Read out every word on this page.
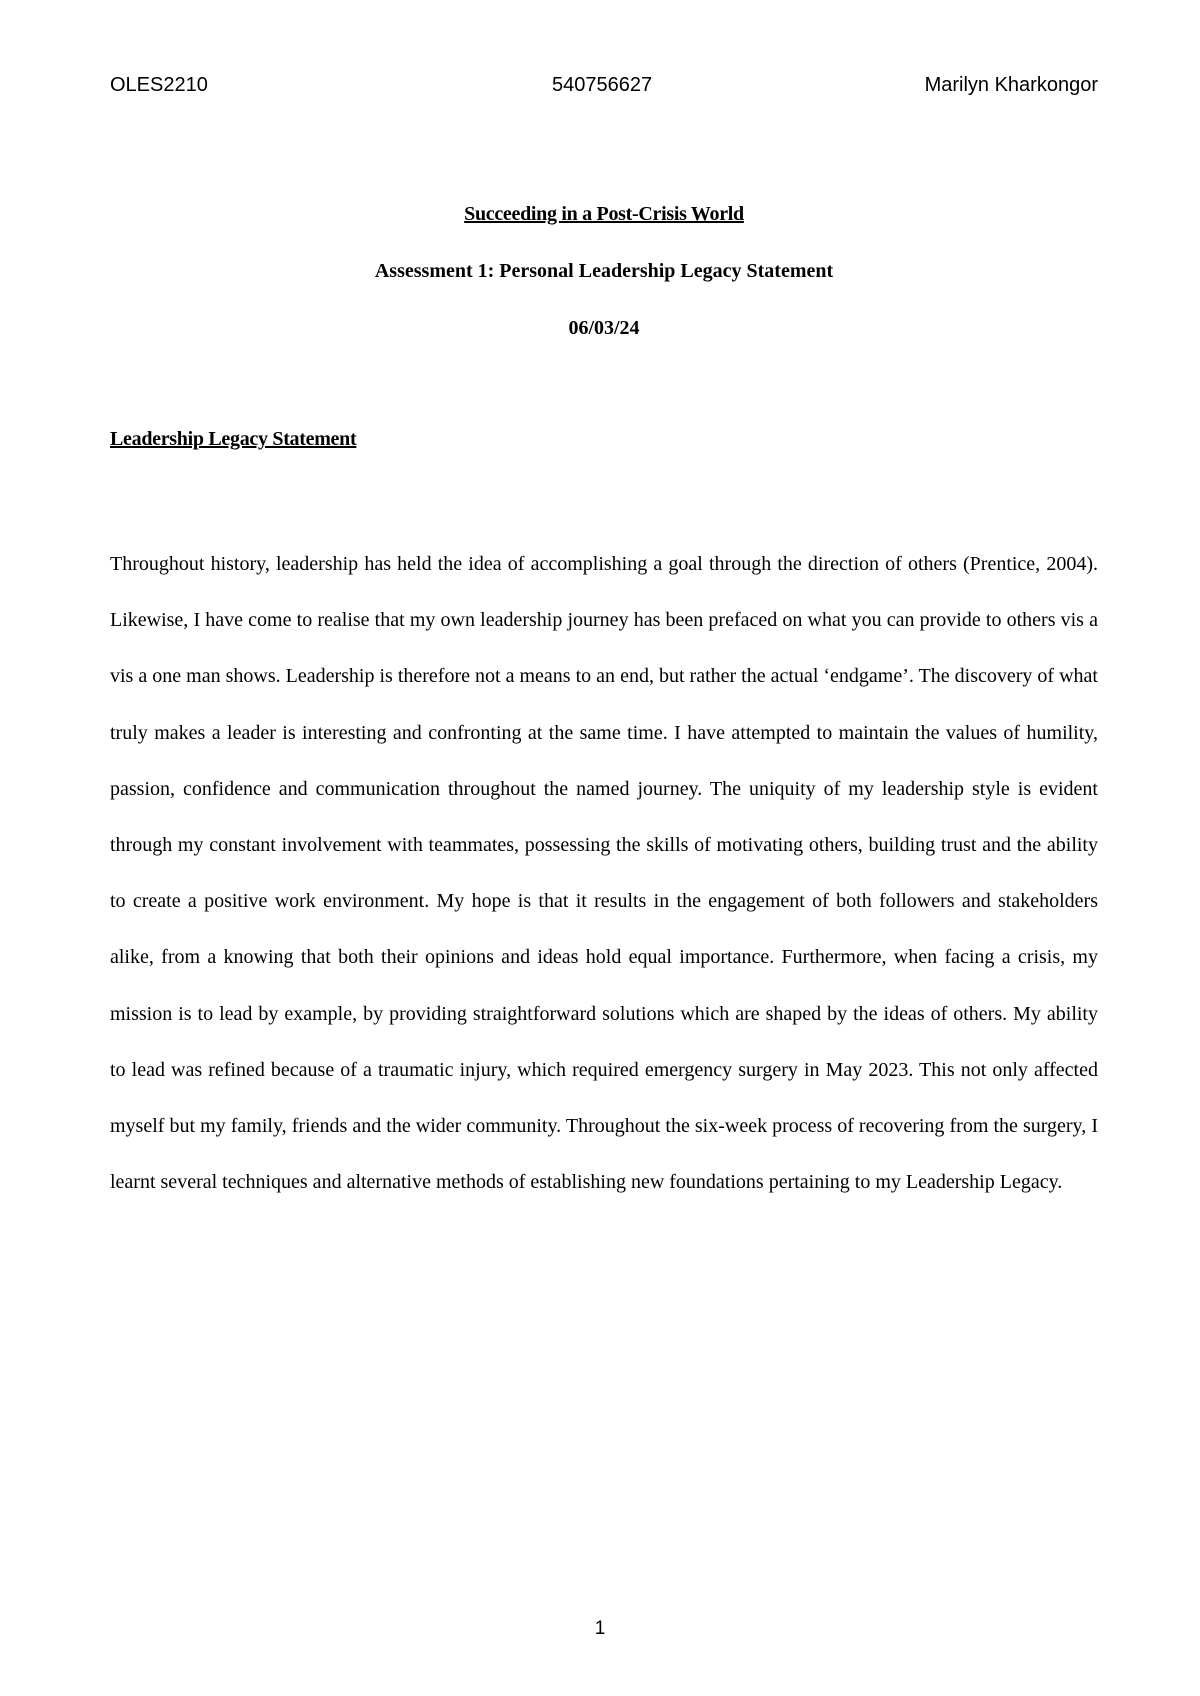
OLES2210	540756627	Marilyn Kharkongor
Succeeding in a Post-Crisis World
Assessment 1: Personal Leadership Legacy Statement
06/03/24
Leadership Legacy Statement

Throughout history, leadership has held the idea of accomplishing a goal through the direction of others (Prentice, 2004). Likewise, I have come to realise that my own leadership journey has been prefaced on what you can provide to others vis a vis a one man shows. Leadership is therefore not a means to an end, but rather the actual ‘endgame’. The discovery of what truly makes a leader is interesting and confronting at the same time. I have attempted to maintain the values of humility, passion, confidence and communication throughout the named journey. The uniquity of my leadership style is evident through my constant involvement with teammates, possessing the skills of motivating others, building trust and the ability to create a positive work environment. My hope is that it results in the engagement of both followers and stakeholders alike, from a knowing that both their opinions and ideas hold equal importance. Furthermore, when facing a crisis, my mission is to lead by example, by providing straightforward solutions which are shaped by the ideas of others. My ability to lead was refined because of a traumatic injury, which required emergency surgery in May 2023. This not only affected myself but my family, friends and the wider community. Throughout the six-week process of recovering from the surgery, I learnt several techniques and alternative methods of establishing new foundations pertaining to my Leadership Legacy.

1
